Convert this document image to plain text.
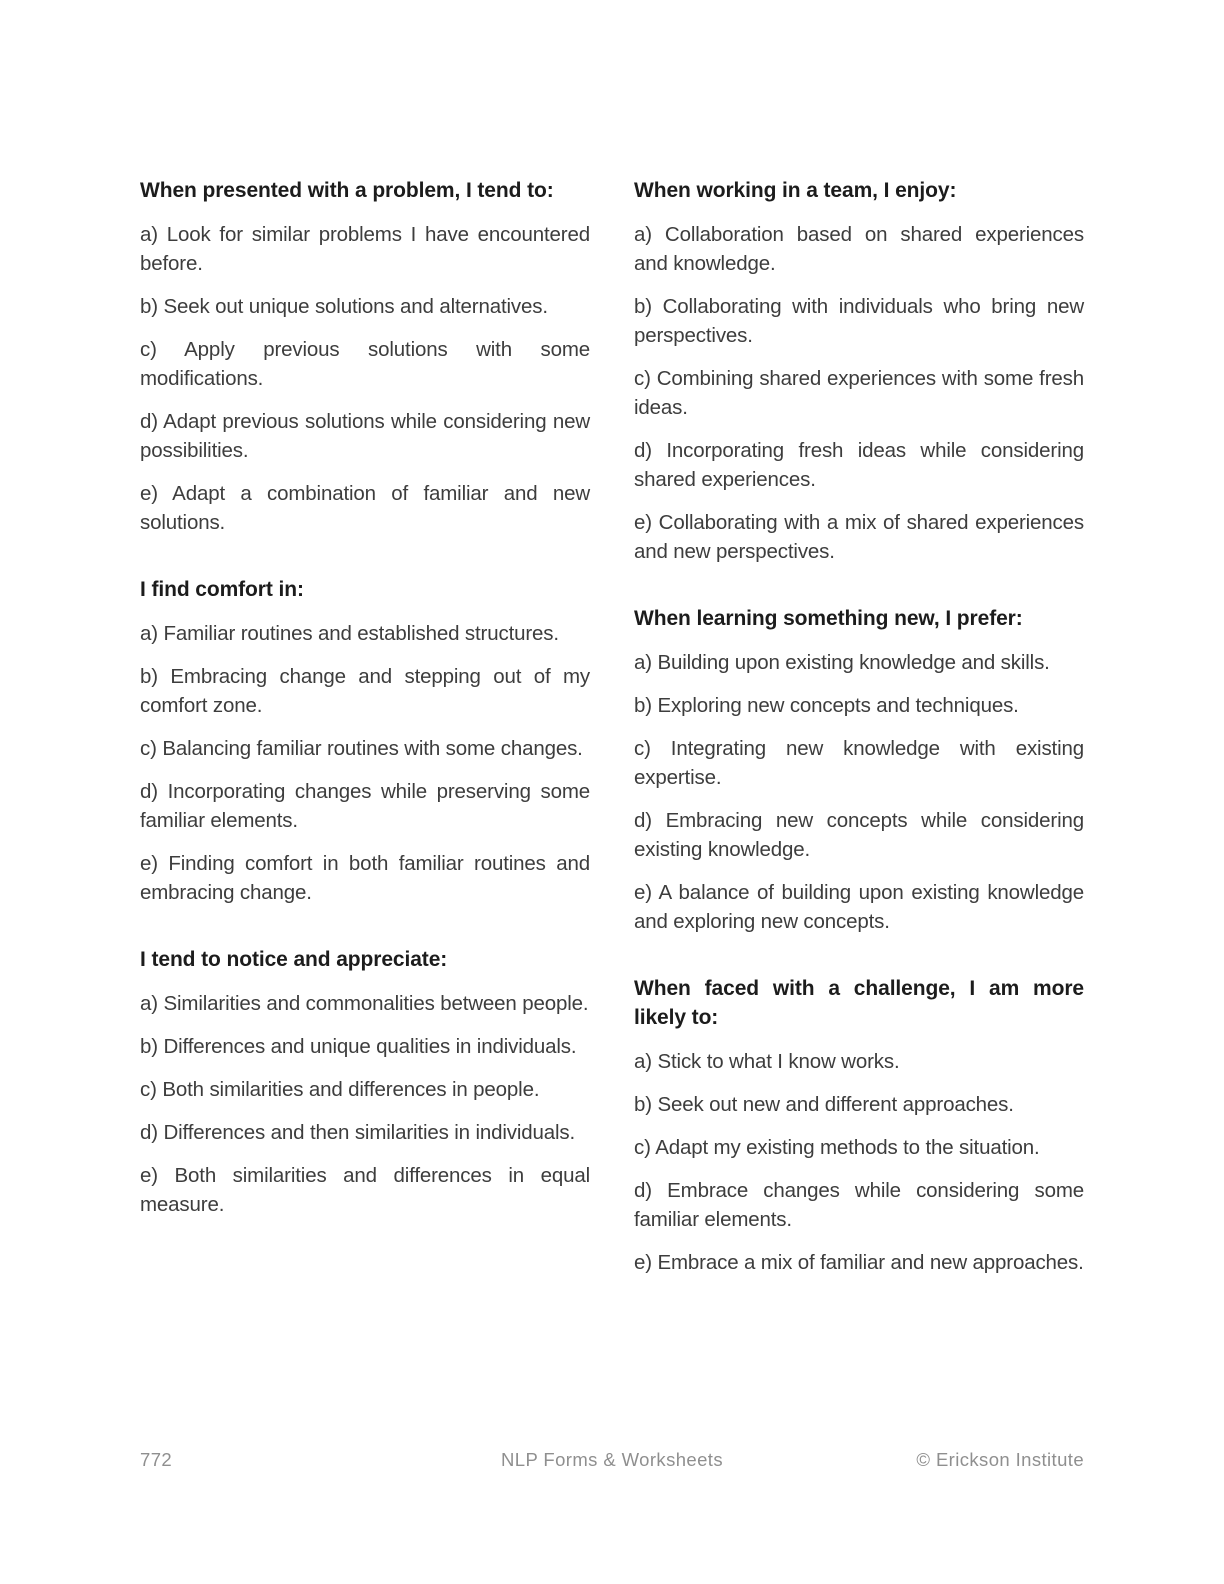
When presented with a problem, I tend to:

a) Look for similar problems I have encountered before.

b) Seek out unique solutions and alternatives.

c) Apply previous solutions with some modifications.

d) Adapt previous solutions while considering new possibilities.

e) Adapt a combination of familiar and new solutions.

I find comfort in:

a) Familiar routines and established structures.

b) Embracing change and stepping out of my comfort zone.

c) Balancing familiar routines with some changes.

d) Incorporating changes while preserving some familiar elements.

e) Finding comfort in both familiar routines and embracing change.

I tend to notice and appreciate:

a) Similarities and commonalities between people.

b) Differences and unique qualities in individuals.

c) Both similarities and differences in people.

d) Differences and then similarities in individuals.

e) Both similarities and differences in equal measure.

When working in a team, I enjoy:

a) Collaboration based on shared experiences and knowledge.

b) Collaborating with individuals who bring new perspectives.

c) Combining shared experiences with some fresh ideas.

d) Incorporating fresh ideas while considering shared experiences.

e) Collaborating with a mix of shared experiences and new perspectives.

When learning something new, I prefer:

a) Building upon existing knowledge and skills.

b) Exploring new concepts and techniques.

c) Integrating new knowledge with existing expertise.

d) Embracing new concepts while considering existing knowledge.

e) A balance of building upon existing knowledge and exploring new concepts.

When faced with a challenge, I am more likely to:

a) Stick to what I know works.

b) Seek out new and different approaches.

c) Adapt my existing methods to the situation.

d) Embrace changes while considering some familiar elements.

e) Embrace a mix of familiar and new approaches.

772	NLP Forms & Worksheets	© Erickson Institute
